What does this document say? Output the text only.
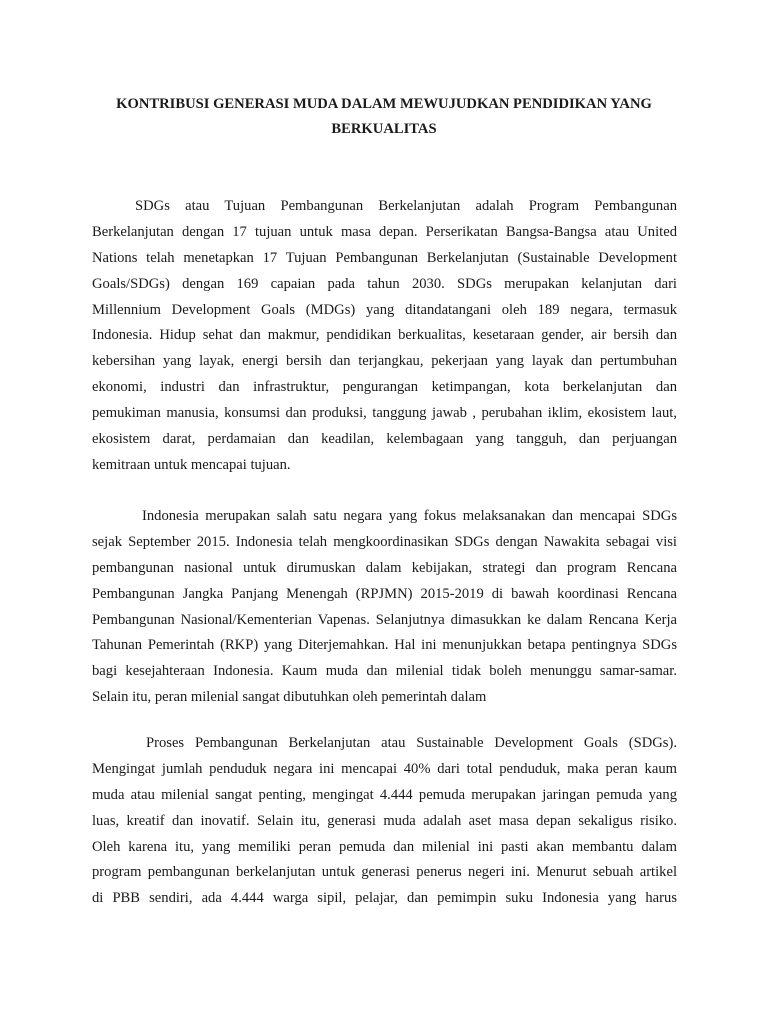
KONTRIBUSI GENERASI MUDA DALAM MEWUJUDKAN PENDIDIKAN YANG
BERKUALITAS
SDGs atau Tujuan Pembangunan Berkelanjutan adalah Program Pembangunan
Berkelanjutan dengan 17 tujuan untuk masa depan. Perserikatan Bangsa-Bangsa atau United
Nations telah menetapkan 17 Tujuan Pembangunan Berkelanjutan (Sustainable Development
Goals/SDGs) dengan 169 capaian pada tahun 2030. SDGs merupakan kelanjutan dari
Millennium Development Goals (MDGs) yang ditandatangani oleh 189 negara, termasuk
Indonesia. Hidup sehat dan makmur, pendidikan berkualitas, kesetaraan gender, air bersih dan
kebersihan yang layak, energi bersih dan terjangkau, pekerjaan yang layak dan pertumbuhan
ekonomi, industri dan infrastruktur, pengurangan ketimpangan, kota berkelanjutan dan
pemukiman manusia, konsumsi dan produksi, tanggung jawab , perubahan iklim, ekosistem laut,
ekosistem darat, perdamaian dan keadilan, kelembagaan yang tangguh, dan perjuangan
kemitraan untuk mencapai tujuan.
Indonesia merupakan salah satu negara yang fokus melaksanakan dan mencapai SDGs
sejak September 2015. Indonesia telah mengkoordinasikan SDGs dengan Nawakita sebagai visi
pembangunan nasional untuk dirumuskan dalam kebijakan, strategi dan program Rencana
Pembangunan Jangka Panjang Menengah (RPJMN) 2015-2019 di bawah koordinasi Rencana
Pembangunan Nasional/Kementerian Vapenas. Selanjutnya dimasukkan ke dalam Rencana Kerja
Tahunan Pemerintah (RKP) yang Diterjemahkan. Hal ini menunjukkan betapa pentingnya SDGs
bagi kesejahteraan Indonesia. Kaum muda dan milenial tidak boleh menunggu samar-samar.
Selain itu, peran milenial sangat dibutuhkan oleh pemerintah dalam
Proses Pembangunan Berkelanjutan atau Sustainable Development Goals (SDGs).
Mengingat jumlah penduduk negara ini mencapai 40% dari total penduduk, maka peran kaum
muda atau milenial sangat penting, mengingat 4.444 pemuda merupakan jaringan pemuda yang
luas, kreatif dan inovatif. Selain itu, generasi muda adalah aset masa depan sekaligus risiko.
Oleh karena itu, yang memiliki peran pemuda dan milenial ini pasti akan membantu dalam
program pembangunan berkelanjutan untuk generasi penerus negeri ini. Menurut sebuah artikel
di PBB sendiri, ada 4.444 warga sipil, pelajar, dan pemimpin suku Indonesia yang harus
